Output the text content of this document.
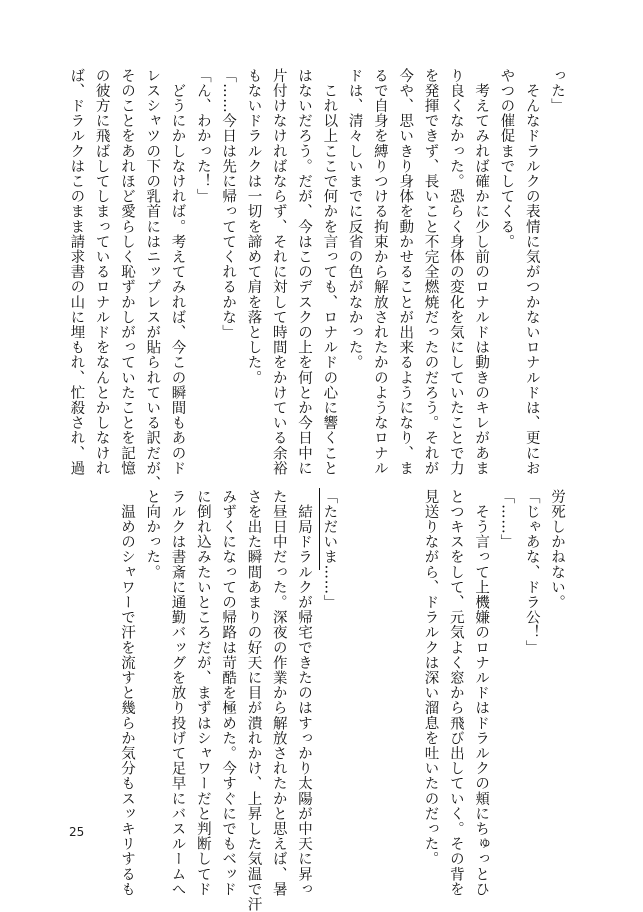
った」

　そんなドラルクの表情に気がつかないロナルドは、更にお

やつの催促までしてくる。

　考えてみれば確かに少し前のロナルドは動きのキレがあま

り良くなかった。恐らく身体の変化を気にしていたことで力

を発揮できず、長いこと不完全燃焼だったのだろう。それが

今や、思いきり身体を動かせることが出来るようになり、ま

るで自身を縛りつける拘束から解放されたかのようなロナル

ドは、清々しいまでに反省の色がなかった。

　これ以上ここで何かを言っても、ロナルドの心に響くこと

はないだろう。だが、今はこのデスクの上を何とか今日中に

片付けなければならず、それに対して時間をかけている余裕

もないドラルクは一切を諦めて肩を落とした。

「……今日は先に帰っててくれるかな」

「ん、わかった！」

　どうにかしなければ。考えてみれば、今この瞬間もあのド

レスシャツの下の乳首にはニップレスが貼られている訳だが、

そのことをあれほど愛らしく恥ずかしがっていたことを記憶

の彼方に飛ばしてしまっているロナルドをなんとかしなけれ

ば、ドラルクはこのまま請求書の山に埋もれ、忙殺され、過

労死しかねない。

「じゃあな、ドラ公！」

「……」

　そう言って上機嫌のロナルドはドラルクの頬にちゅっとひ

とつキスをして、元気よく窓から飛び出していく。その背を

見送りながら、ドラルクは深い溜息を吐いたのだった。

「ただいま……」

　結局ドラルクが帰宅できたのはすっかり太陽が中天に昇っ

た昼日中だった。深夜の作業から解放されたかと思えば、暑

さを出た瞬間あまりの好天に目が潰れかけ、上昇した気温で汗

みずくになっての帰路は苛酷を極めた。今すぐにでもベッド

に倒れ込みたいところだが、まずはシャワーだと判断してド

ラルクは書斎に通勤バッグを放り投げて足早にバスルームへ

と向かった。

　温めのシャワーで汗を流すと幾らか気分もスッキリするも

25
